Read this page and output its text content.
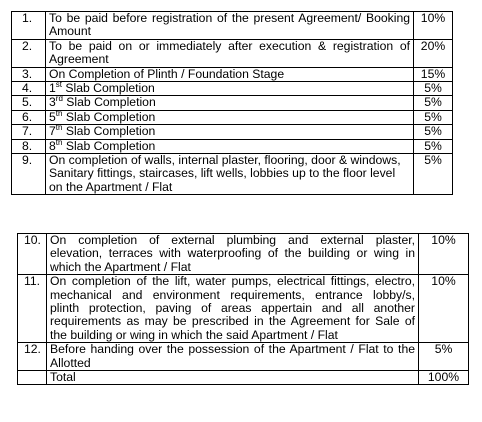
1.	To be paid before registration of the present Agreement/ Booking
Amount	10%
2.	To be paid on or immediately after execution & registration of
Agreement	20%
3.	On Completion of Plinth / Foundation Stage	15%
4.	1st Slab Completion	5%
5.	3rd Slab Completion	5%
6.	5th Slab Completion	5%
7.	7th Slab Completion	5%
8.	8th Slab Completion	5%
9.	On completion of walls, internal plaster, flooring, door & windows,
Sanitary fittings, staircases, lift wells, lobbies up to the floor level
on the Apartment / Flat	5%
10.	On completion of external plumbing and external plaster,
elevation, terraces with waterproofing of the building or wing in
which the Apartment / Flat	10%
11.	On completion of the lift, water pumps, electrical fittings, electro,
mechanical and environment requirements, entrance lobby/s,
plinth protection, paving of areas appertain and all another
requirements as may be prescribed in the Agreement for Sale of
the building or wing in which the said Apartment / Flat	10%
12.	Before handing over the possession of the Apartment / Flat to the
Allotted	5%
	Total	100%
